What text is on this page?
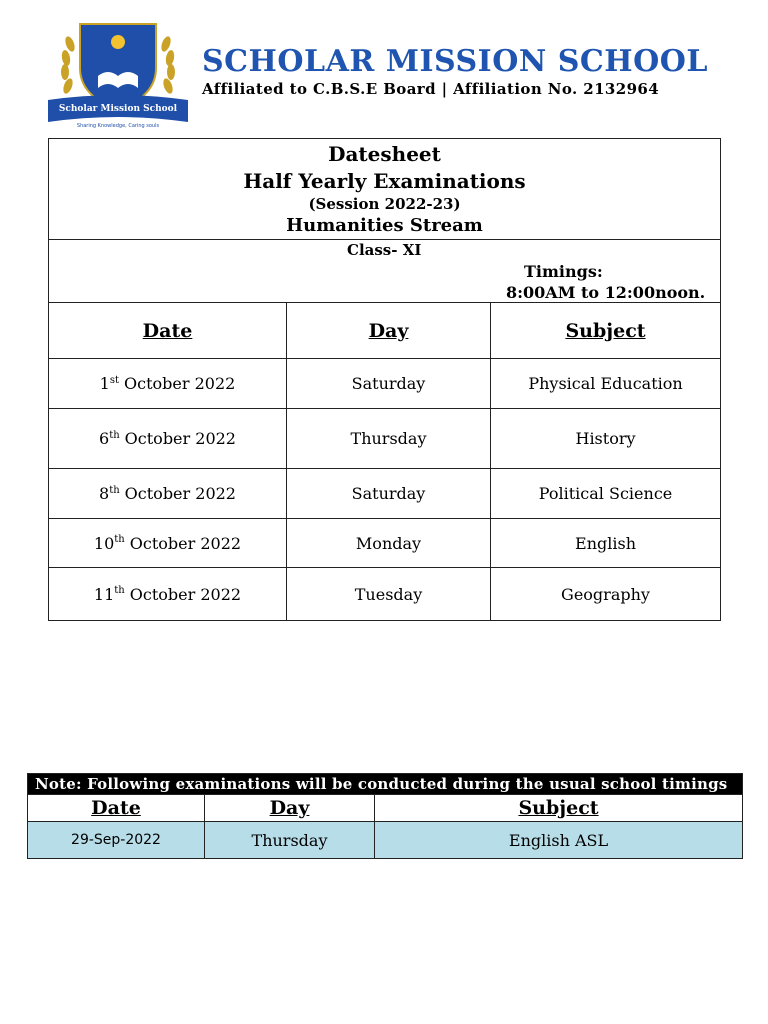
Scholar Mission School
Sharing Knowledge, Caring souls
SCHOLAR MISSION SCHOOL
Affiliated to C.B.S.E Board | Affiliation No. 2132964
Datesheet
Half Yearly Examinations
(Session 2022-23)
Humanities Stream		

Class- XI
Timings:
8:00AM to 12:00noon.		

Date	Day	Subject
1st October 2022	Saturday	Physical Education
6th October 2022	Thursday	History
8th October 2022	Saturday	Political Science
10th October 2022	Monday	English
11th October 2022	Tuesday	Geography
Note: Following examinations will be conducted during the usual school timings		
Date	Day	Subject
29-Sep-2022	Thursday	English ASL
